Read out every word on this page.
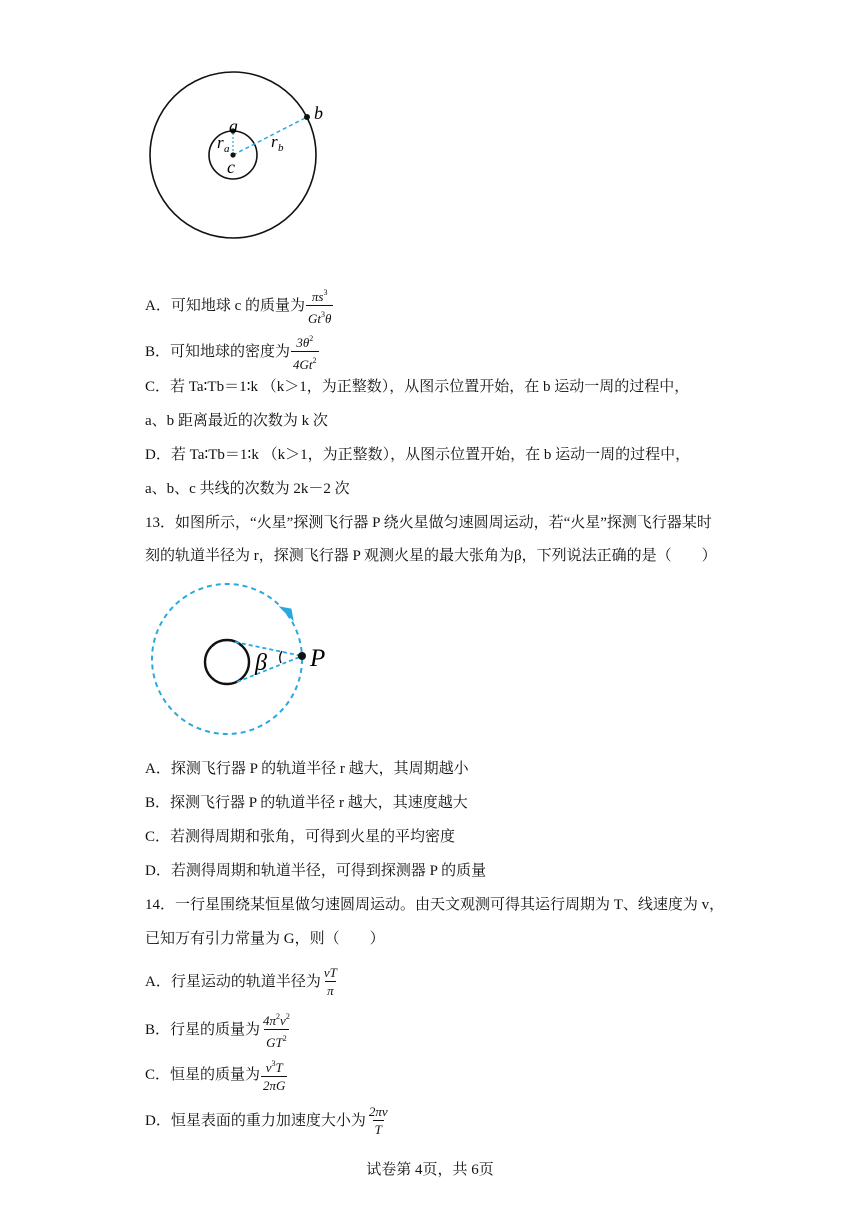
a
c
b
r a r b
A．可知地球 c 的质量为 $\frac{\pi s^3}{Gt^3\theta}$
B．可知地球的密度为 $\frac{3\theta^2}{4Gt^2}$
C．若 Ta∶Tb＝1∶k （k＞1，为正整数），从图示位置开始，在 b 运动一周的过程中，
a、b 距离最近的次数为 k 次
D．若 Ta∶Tb＝1∶k （k＞1，为正整数），从图示位置开始，在 b 运动一周的过程中，
a、b、c 共线的次数为 2k－2 次
13．如图所示，“火星”探测飞行器 P 绕火星做匀速圆周运动，若“火星”探测飞行器某时
刻的轨道半径为 r，探测飞行器 P 观测火星的最大张角为β，下列说法正确的是（　　）
β P
A．探测飞行器 P 的轨道半径 r 越大，其周期越小
B．探测飞行器 P 的轨道半径 r 越大，其速度越大
C．若测得周期和张角，可得到火星的平均密度
D．若测得周期和轨道半径，可得到探测器 P 的质量
14．一行星围绕某恒星做匀速圆周运动。由天文观测可得其运行周期为 T、线速度为 v，
已知万有引力常量为 G，则（　　）
A．行星运动的轨道半径为 $\frac{vT}{\pi}$
B．行星的质量为 $\frac{4\pi^2v^2}{GT^2}$
C．恒星的质量为 $\frac{v^3T}{2\pi G}$
D．恒星表面的重力加速度大小为 $\frac{2\pi v}{T}$
试卷第 4页，共 6页
